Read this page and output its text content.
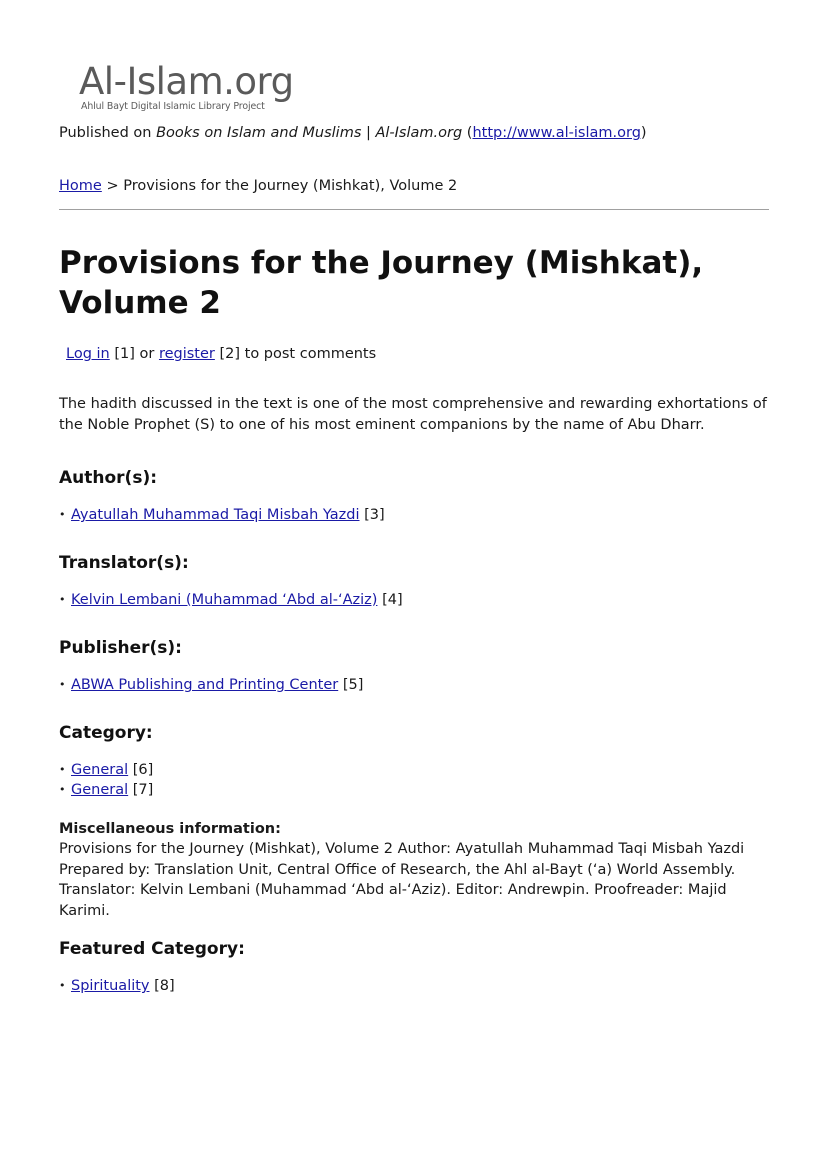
Al-Islam.org
Ahlul Bayt Digital Islamic Library Project
Published on Books on Islam and Muslims | Al-Islam.org (http://www.al-islam.org)
Home > Provisions for the Journey (Mishkat), Volume 2
Provisions for the Journey (Mishkat), Volume 2
Log in [1] or register [2] to post comments
The hadith discussed in the text is one of the most comprehensive and rewarding exhortations of the Noble Prophet (S) to one of his most eminent companions by the name of Abu Dharr.
Author(s):
• Ayatullah Muhammad Taqi Misbah Yazdi [3]
Translator(s):
• Kelvin Lembani (Muhammad ‘Abd al-‘Aziz) [4]
Publisher(s):
• ABWA Publishing and Printing Center [5]
Category:
• General [6]
• General [7]
Miscellaneous information:
Provisions for the Journey (Mishkat), Volume 2 Author: Ayatullah Muhammad Taqi Misbah Yazdi Prepared by: Translation Unit, Central Office of Research, the Ahl al-Bayt (‘a) World Assembly. Translator: Kelvin Lembani (Muhammad ‘Abd al-‘Aziz). Editor: Andrewpin. Proofreader: Majid Karimi.
Featured Category:
• Spirituality [8]
